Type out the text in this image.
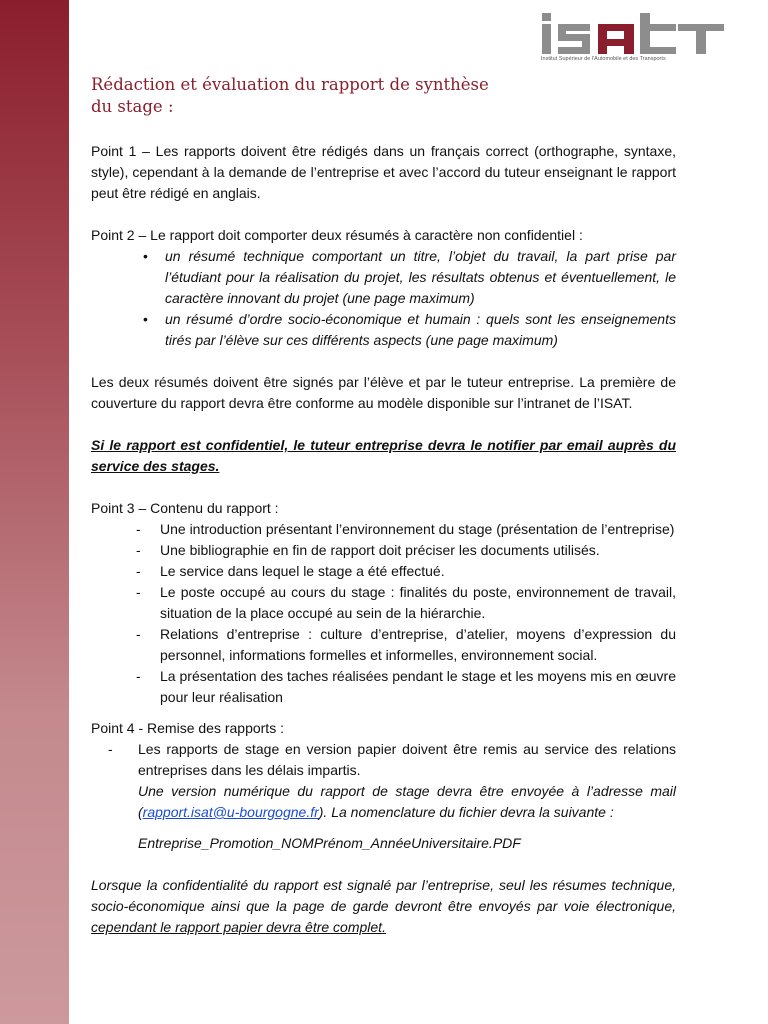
Institut Supérieur de l'Automobile et des Transports
Rédaction et évaluation du rapport de synthèse
du stage :

Point 1 – Les rapports doivent être rédigés dans un français correct (orthographe, syntaxe, style), cependant à la demande de l’entreprise et avec l’accord du tuteur enseignant le rapport peut être rédigé en anglais.

Point 2 – Le rapport doit comporter deux résumés à caractère non confidentiel :

• un résumé technique comportant un titre, l’objet du travail, la part prise par l’étudiant pour la réalisation du projet, les résultats obtenus et éventuellement, le caractère innovant du projet (une page maximum)
• un résumé d’ordre socio-économique et humain : quels sont les enseignements tirés par l’élève sur ces différents aspects (une page maximum)

Les deux résumés doivent être signés par l’élève et par le tuteur entreprise. La première de couverture du rapport devra être conforme au modèle disponible sur l’intranet de l’ISAT.

Si le rapport est confidentiel, le tuteur entreprise devra le notifier par email auprès du service des stages.

Point 3 – Contenu du rapport :

- Une introduction présentant l’environnement du stage (présentation de l’entreprise)
- Une bibliographie en fin de rapport doit préciser les documents utilisés.
- Le service dans lequel le stage a été effectué.
- Le poste occupé au cours du stage : finalités du poste, environnement de travail, situation de la place occupé au sein de la hiérarchie.
- Relations d’entreprise : culture d’entreprise, d’atelier, moyens d’expression du personnel, informations formelles et informelles, environnement social.
- La présentation des taches réalisées pendant le stage et les moyens mis en œuvre pour leur réalisation

Point 4 - Remise des rapports :

- Les rapports de stage en version papier doivent être remis au service des relations entreprises dans les délais impartis.

Une version numérique du rapport de stage devra être envoyée à l’adresse mail (rapport.isat@u-bourgogne.fr). La nomenclature du fichier devra la suivante :

Entreprise_Promotion_NOMPrénom_AnnéeUniversitaire.PDF

Lorsque la confidentialité du rapport est signalé par l’entreprise, seul les résumes technique, socio-économique ainsi que la page de garde devront être envoyés par voie électronique, cependant le rapport papier devra être complet.
